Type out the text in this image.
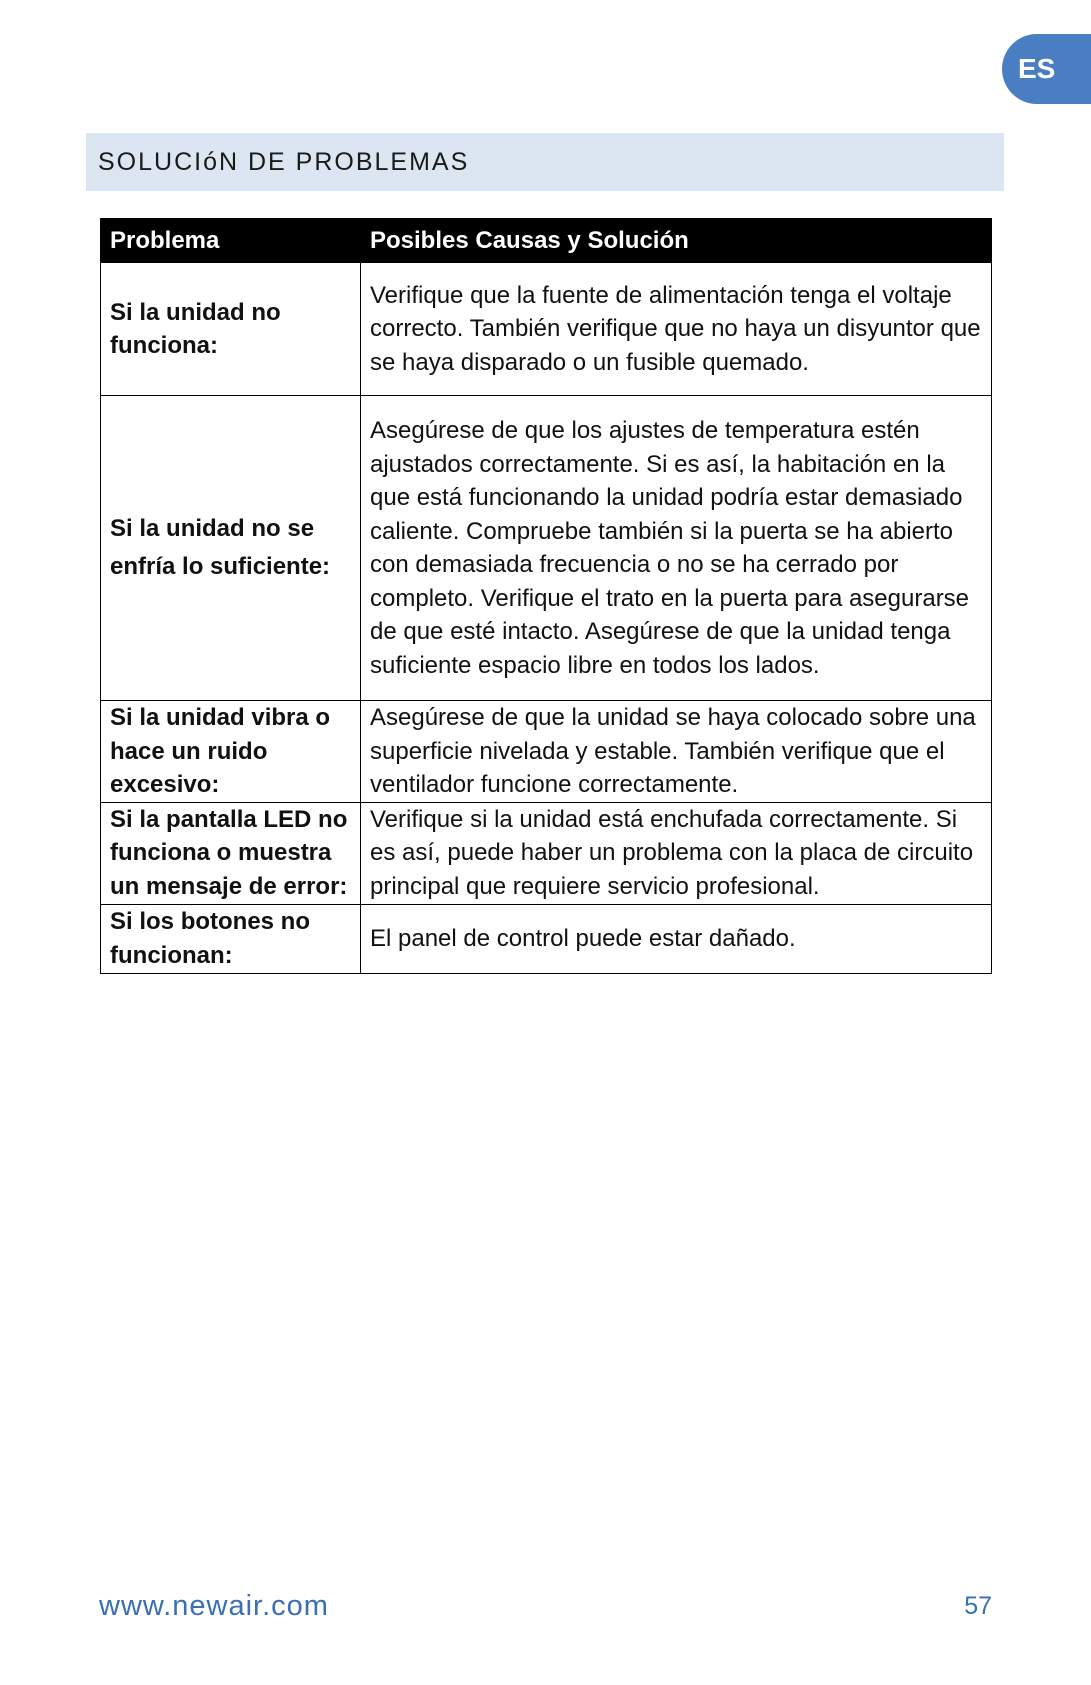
ES
SOLUCIóN DE PROBLEMAS
Problema	Posibles Causas y Solución
Si la unidad no funciona:	Verifique que la fuente de alimentación tenga el voltaje correcto. También verifique que no haya un disyuntor que se haya disparado o un fusible quemado.
Si la unidad no se enfría lo suficiente:	Asegúrese de que los ajustes de temperatura estén ajustados correctamente. Si es así, la habitación en la que está funcionando la unidad podría estar demasiado caliente. Compruebe también si la puerta se ha abierto con demasiada frecuencia o no se ha cerrado por completo. Verifique el trato en la puerta para asegurarse de que esté intacto. Asegúrese de que la unidad tenga suficiente espacio libre en todos los lados.
Si la unidad vibra o hace un ruido excesivo:	Asegúrese de que la unidad se haya colocado sobre una superficie nivelada y estable. También verifique que el ventilador funcione correctamente.
Si la pantalla LED no funciona o muestra un mensaje de error:	Verifique si la unidad está enchufada correctamente. Si es así, puede haber un problema con la placa de circuito principal que requiere servicio profesional.
Si los botones no funcionan:	El panel de control puede estar dañado.
www.newair.com	57
